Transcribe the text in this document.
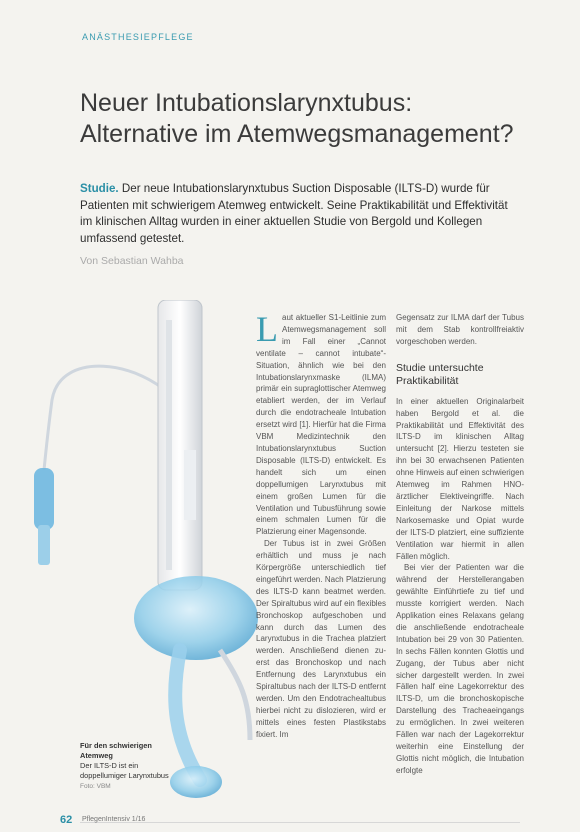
ANÄSTHESIEPFLEGE
Neuer Intubationslarynxtubus:
Alternative im Atemwegsmanagement?

Studie. Der neue Intubationslarynxtubus Suction Disposable (ILTS-D) wurde für Patienten mit schwierigem Atemweg entwickelt. Seine Praktikabilität und Effektivität im klinischen Alltag wurden in einer aktuellen Studie von Bergold und Kollegen umfassend getestet.

Von Sebastian Wahba
Für den schwierigen
Atemweg
Der ILTS-D ist ein
doppellumiger Larynxtubus
Foto: VBM

Laut aktueller S1-Leitlinie zum Atemwegsmanagement soll im Fall einer „Cannot ventilate – cannot intubate“-Situation, ähnlich wie bei den Intubationslarynxmaske (ILMA) primär ein supraglottischer Atemweg etabliert werden, der im Verlauf durch die endotracheale Intubation ersetzt wird [1]. Hierfür hat die Firma VBM Medizintechnik den Intubationslarynxtubus Suction Disposable (ILTS-D) entwickelt. Es handelt sich um einen doppellumigen Larynxtubus mit einem großen Lumen für die Ventilation und Tubusführung sowie einem schmalen Lumen für die Platzierung einer Magensonde.

Der Tubus ist in zwei Größen erhältlich und muss je nach Körpergröße unterschiedlich tief eingeführt werden. Nach Platzierung des ILTS-D kann beatmet werden. Der Spiraltubus wird auf ein flexibles Bronchoskop aufgeschoben und kann durch das Lumen des Larynxtubus in die Trachea platziert werden. Anschließend dienen zu-erst das Bronchoskop und nach Entfernung des Larynxtubus ein Spiraltubus nach der ILTS-D entfernt werden. Um den Endotrachealtubus hierbei nicht zu dislozieren, wird er mittels eines festen Plastikstabs fixiert. Im

Gegensatz zur ILMA darf der Tubus mit dem Stab kontrollfreiaktiv vorgeschoben werden.

Studie untersuchte Praktikabilität

In einer aktuellen Originalarbeit haben Bergold et al. die Praktikabilität und Effektivität des ILTS-D im klinischen Alltag untersucht [2]. Hierzu testeten sie ihn bei 30 erwachsenen Patienten ohne Hinweis auf einen schwierigen Atemweg im Rahmen HNO-ärztlicher Elektiveingriffe. Nach Einleitung der Narkose mittels Narkosemaske und Opiat wurde der ILTS-D platziert, eine suffiziente Ventilation war hiermit in allen Fällen möglich.

Bei vier der Patienten war die während der Herstellerangaben gewählte Einführtiefe zu tief und musste korrigiert werden. Nach Applikation eines Relaxans gelang die anschließende endotracheale Intubation bei 29 von 30 Patienten. In sechs Fällen konnten Glottis und Zugang, der Tubus aber nicht sicher dargestellt werden. In zwei Fällen half eine Lagekorrektur des ILTS-D, um die bronchoskopische Darstellung des Tracheaeingangs zu ermöglichen. In zwei weiteren Fällen war nach der Lagekorrektur weiterhin eine Einstellung der Glottis nicht möglich, die Intubation erfolgte

62 PflegenIntensiv 1/16
